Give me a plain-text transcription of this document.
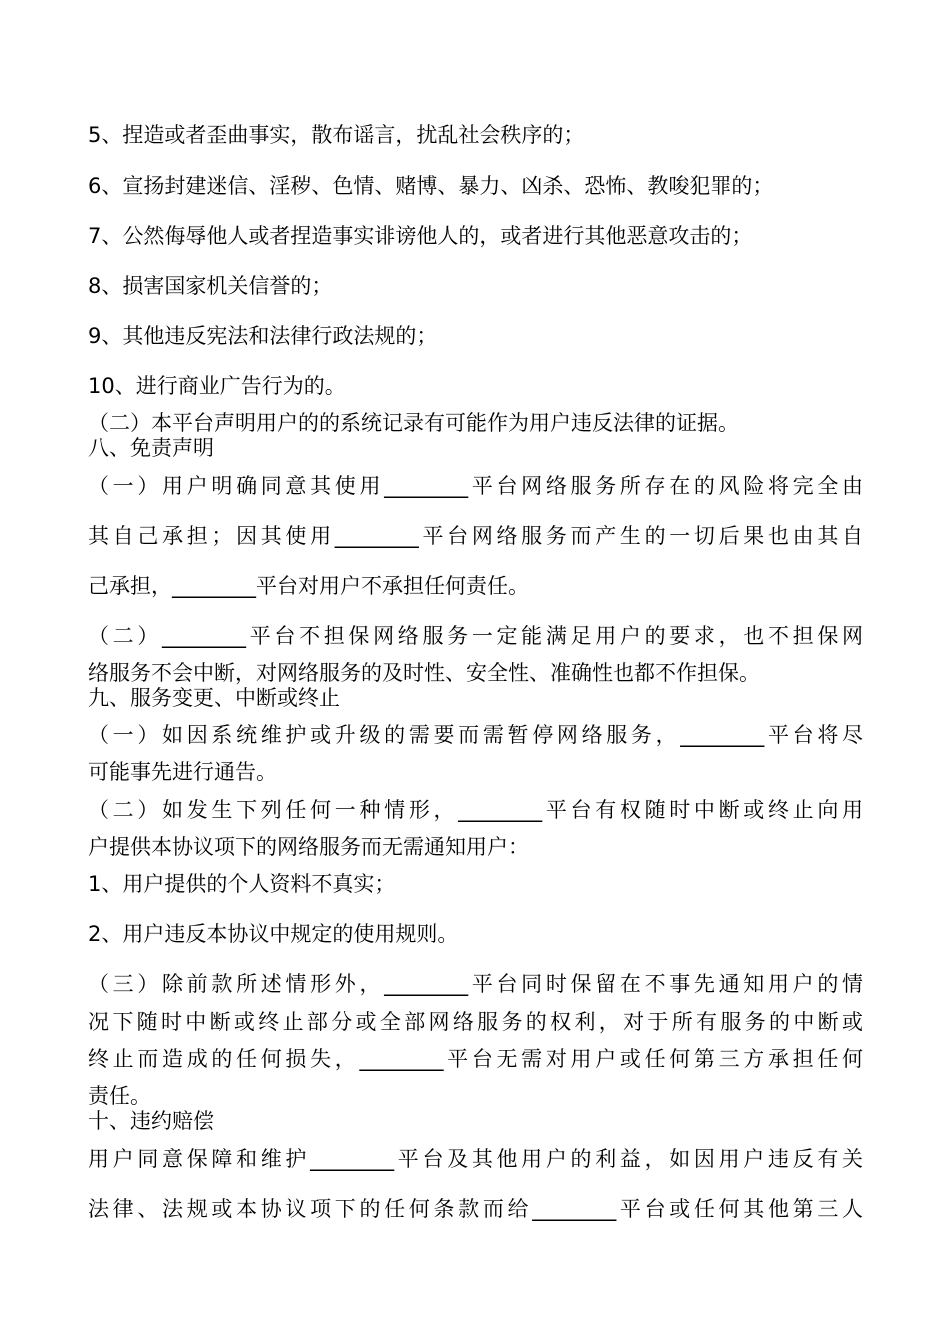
5、捏造或者歪曲事实，散布谣言，扰乱社会秩序的；
6、宣扬封建迷信、淫秽、色情、赌博、暴力、凶杀、恐怖、教唆犯罪的；
7、公然侮辱他人或者捏造事实诽谤他人的，或者进行其他恶意攻击的；
8、损害国家机关信誉的；
9、其他违反宪法和法律行政法规的；
10、进行商业广告行为的。
（二）本平台声明用户的的系统记录有可能作为用户违反法律的证据。
八、免责声明
（一）用户明确同意其使用________平台网络服务所存在的风险将完全由
其自己承担；因其使用________平台网络服务而产生的一切后果也由其自
己承担，________平台对用户不承担任何责任。
（二）________平台不担保网络服务一定能满足用户的要求，也不担保网
络服务不会中断，对网络服务的及时性、安全性、准确性也都不作担保。
九、服务变更、中断或终止
（一）如因系统维护或升级的需要而需暂停网络服务，________平台将尽
可能事先进行通告。
（二）如发生下列任何一种情形，________平台有权随时中断或终止向用
户提供本协议项下的网络服务而无需通知用户：
1、用户提供的个人资料不真实；
2、用户违反本协议中规定的使用规则。
（三）除前款所述情形外，________平台同时保留在不事先通知用户的情
况下随时中断或终止部分或全部网络服务的权利，对于所有服务的中断或
终止而造成的任何损失，________平台无需对用户或任何第三方承担任何
责任。
十、违约赔偿
用户同意保障和维护________平台及其他用户的利益，如因用户违反有关
法律、法规或本协议项下的任何条款而给________平台或任何其他第三人
